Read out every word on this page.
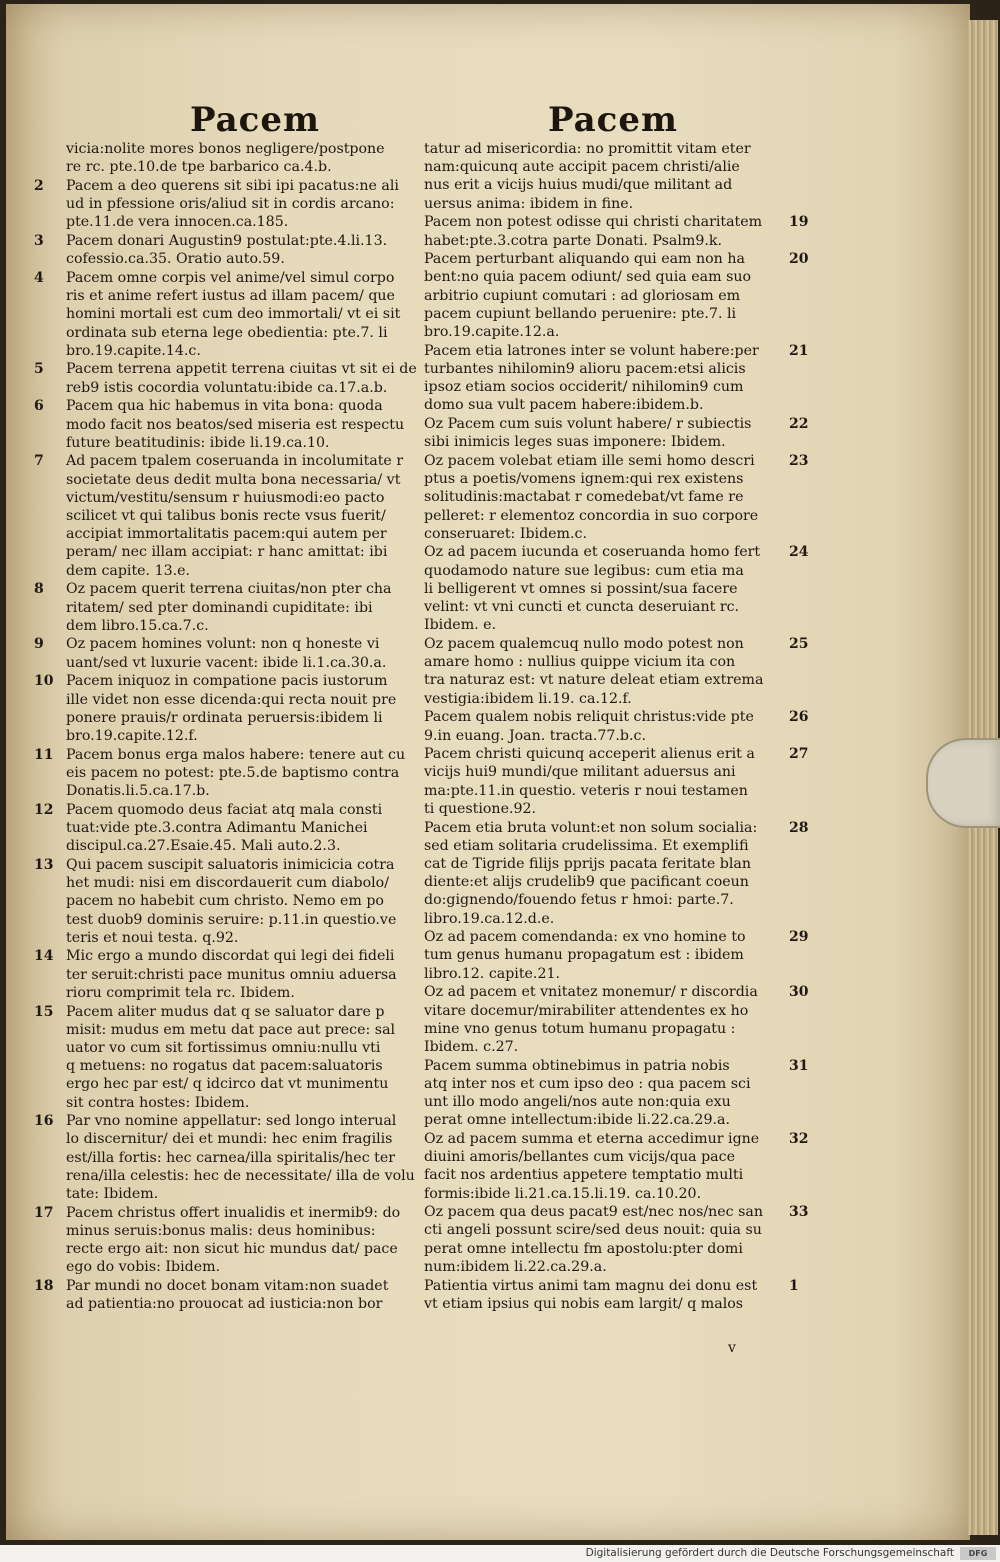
Pacem	Pacem
vicia:nolite mores bonos negligere/postpone
re rc. pte.10.de tpe barbarico ca.4.b.
2 Pacem a deo querens sit sibi ipi pacatus:ne ali
ud in pfessione oris/aliud sit in cordis arcano:
pte.11.de vera innocen.ca.185.
3 Pacem donari Augustin9 postulat:pte.4.li.13.
cofessio.ca.35. Oratio auto.59.
4 Pacem omne corpis vel anime/vel simul corpo
ris et anime refert iustus ad illam pacem/ que
homini mortali est cum deo immortali/ vt ei sit
ordinata sub eterna lege obedientia: pte.7. li
bro.19.capite.14.c.
5 Pacem terrena appetit terrena ciuitas vt sit ei de
reb9 istis cocordia voluntatu:ibide ca.17.a.b.
6 Pacem qua hic habemus in vita bona: quoda
modo facit nos beatos/sed miseria est respectu
future beatitudinis: ibide li.19.ca.10.
7 Ad pacem tpalem coseruanda in incolumitate r
societate deus dedit multa bona necessaria/ vt
victum/vestitu/sensum r huiusmodi:eo pacto
scilicet vt qui talibus bonis recte vsus fuerit/
accipiat immortalitatis pacem:qui autem per
peram/ nec illam accipiat: r hanc amittat: ibi
dem capite. 13.e.
8 Oz pacem querit terrena ciuitas/non pter cha
ritatem/ sed pter dominandi cupiditate: ibi
dem libro.15.ca.7.c.
9 Oz pacem homines volunt: non q honeste vi
uant/sed vt luxurie vacent: ibide li.1.ca.30.a.
10 Pacem iniquoz in compatione pacis iustorum
ille videt non esse dicenda:qui recta nouit pre
ponere prauis/r ordinata peruersis:ibidem li
bro.19.capite.12.f.
11 Pacem bonus erga malos habere: tenere aut cu
eis pacem no potest: pte.5.de baptismo contra
Donatis.li.5.ca.17.b.
12 Pacem quomodo deus faciat atq mala consti
tuat:vide pte.3.contra Adimantu Manichei
discipul.ca.27.Esaie.45. Mali auto.2.3.
13 Qui pacem suscipit saluatoris inimicicia cotra
het mudi: nisi em discordauerit cum diabolo/
pacem no habebit cum christo. Nemo em po
test duob9 dominis seruire: p.11.in questio.ve
teris et noui testa. q.92.
14 Mic ergo a mundo discordat qui legi dei fideli
ter seruit:christi pace munitus omniu aduersa
rioru comprimit tela rc. Ibidem.
15 Pacem aliter mudus dat q se saluator dare p
misit: mudus em metu dat pace aut prece: sal
uator vo cum sit fortissimus omniu:nullu vti
q metuens: no rogatus dat pacem:saluatoris
ergo hec par est/ q idcirco dat vt munimentu
sit contra hostes: Ibidem.
16 Par vno nomine appellatur: sed longo interual
lo discernitur/ dei et mundi: hec enim fragilis
est/illa fortis: hec carnea/illa spiritalis/hec ter
rena/illa celestis: hec de necessitate/ illa de volu
tate: Ibidem.
17 Pacem christus offert inualidis et inermib9: do
minus seruis:bonus malis: deus hominibus:
recte ergo ait: non sicut hic mundus dat/ pace
ego do vobis: Ibidem.
18 Par mundi no docet bonam vitam:non suadet
ad patientia:no prouocat ad iusticia:non bor
tatur ad misericordia: no promittit vitam eter
nam:quicunq aute accipit pacem christi/alie
nus erit a vicijs huius mudi/que militant ad
uersus anima: ibidem in fine.
19
Pacem non potest odisse qui christi charitatem
habet:pte.3.cotra parte Donati. Psalm9.k.
20
Pacem perturbant aliquando qui eam non ha
bent:no quia pacem odiunt/ sed quia eam suo
arbitrio cupiunt comutari : ad gloriosam em
pacem cupiunt bellando peruenire: pte.7. li
bro.19.capite.12.a.
21
Pacem etia latrones inter se volunt habere:per
turbantes nihilomin9 alioru pacem:etsi alicis
ipsoz etiam socios occiderit/ nihilomin9 cum
domo sua vult pacem habere:ibidem.b.
22
Oz Pacem cum suis volunt habere/ r subiectis
sibi inimicis leges suas imponere: Ibidem.
23
Oz pacem volebat etiam ille semi homo descri
ptus a poetis/vomens ignem:qui rex existens
solitudinis:mactabat r comedebat/vt fame re
pelleret: r elementoz concordia in suo corpore
conseruaret: Ibidem.c.
24
Oz ad pacem iucunda et coseruanda homo fert
quodamodo nature sue legibus: cum etia ma
li belligerent vt omnes si possint/sua facere
velint: vt vni cuncti et cuncta deseruiant rc.
Ibidem. e.
25
Oz pacem qualemcuq nullo modo potest non
amare homo : nullius quippe vicium ita con
tra naturaz est: vt nature deleat etiam extrema
vestigia:ibidem li.19. ca.12.f.
26
Pacem qualem nobis reliquit christus:vide pte
9.in euang. Joan. tracta.77.b.c.
27
Pacem christi quicunq acceperit alienus erit a
vicijs hui9 mundi/que militant aduersus ani
ma:pte.11.in questio. veteris r noui testamen
ti questione.92.
28
Pacem etia bruta volunt:et non solum socialia:
sed etiam solitaria crudelissima. Et exemplifi
cat de Tigride filijs pprijs pacata feritate blan
diente:et alijs crudelib9 que pacificant coeun
do:gignendo/fouendo fetus r hmoi: parte.7.
libro.19.ca.12.d.e.
29
Oz ad pacem comendanda: ex vno homine to
tum genus humanu propagatum est : ibidem
libro.12. capite.21.
30
Oz ad pacem et vnitatez monemur/ r discordia
vitare docemur/mirabiliter attendentes ex ho
mine vno genus totum humanu propagatu :
Ibidem. c.27.
31
Pacem summa obtinebimus in patria nobis
atq inter nos et cum ipso deo : qua pacem sci
unt illo modo angeli/nos aute non:quia exu
perat omne intellectum:ibide li.22.ca.29.a.
32
Oz ad pacem summa et eterna accedimur igne
diuini amoris/bellantes cum vicijs/qua pace
facit nos ardentius appetere temptatio multi
formis:ibide li.21.ca.15.li.19. ca.10.20.
33
Oz pacem qua deus pacat9 est/nec nos/nec san
cti angeli possunt scire/sed deus nouit: quia su
perat omne intellectu fm apostolu:pter domi
num:ibidem li.22.ca.29.a.
1
Patientia virtus animi tam magnu dei donu est
vt etiam ipsius qui nobis eam largit/ q malos
v
Digitalisierung gefördert durch die Deutsche Forschungsgemeinschaft	DFG
